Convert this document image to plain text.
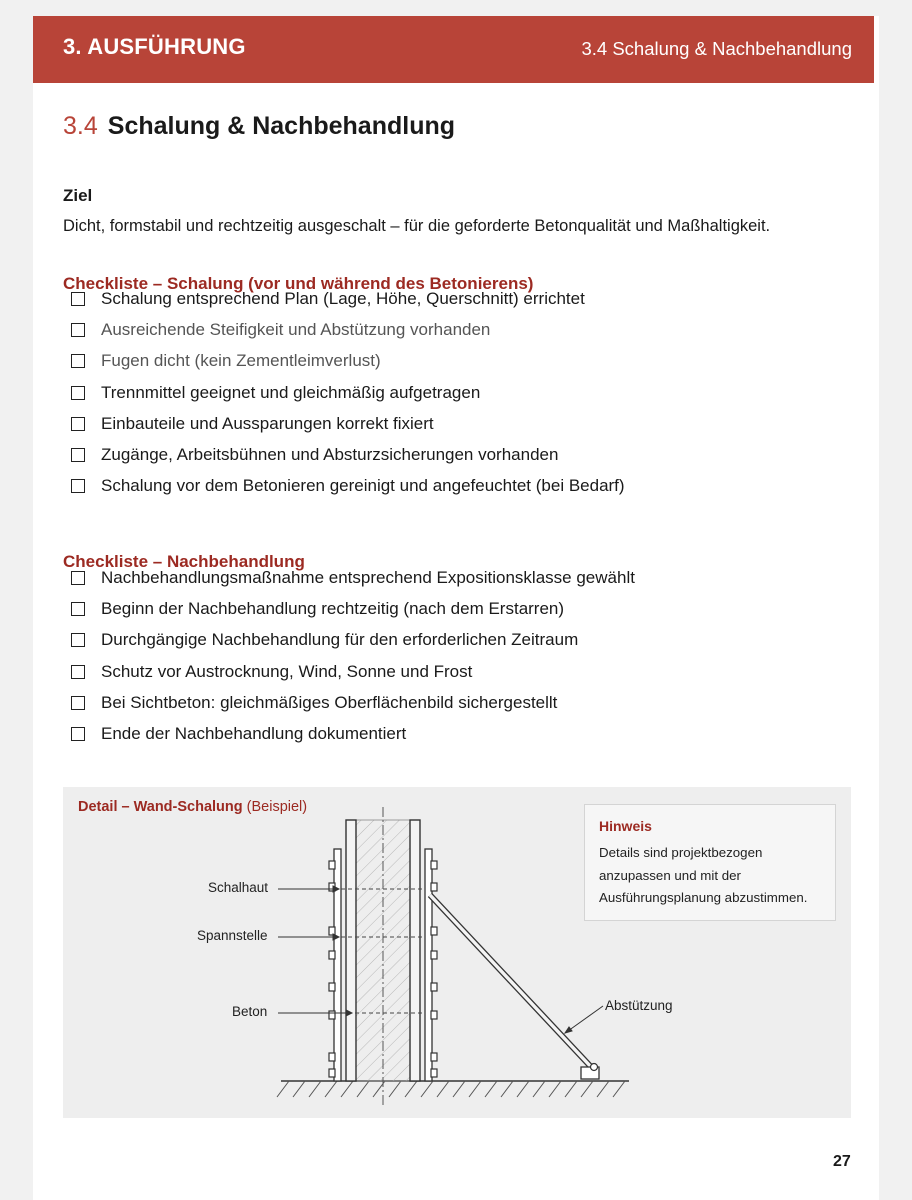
3. AUSFÜHRUNG	3.4 Schalung & Nachbehandlung
3.4 Schalung & Nachbehandlung
Ziel
Dicht, formstabil und rechtzeitig ausgeschalt – für die geforderte Betonqualität und Maßhaltigkeit.
Checkliste – Schalung (vor und während des Betonierens)
Schalung entsprechend Plan (Lage, Höhe, Querschnitt) errichtet
Ausreichende Steifigkeit und Abstützung vorhanden
Fugen dicht (kein Zementleimverlust)
Trennmittel geeignet und gleichmäßig aufgetragen
Einbauteile und Aussparungen korrekt fixiert
Zugänge, Arbeitsbühnen und Absturzsicherungen vorhanden
Schalung vor dem Betonieren gereinigt und angefeuchtet (bei Bedarf)
Checkliste – Nachbehandlung
Nachbehandlungsmaßnahme entsprechend Expositionsklasse gewählt
Beginn der Nachbehandlung rechtzeitig (nach dem Erstarren)
Durchgängige Nachbehandlung für den erforderlichen Zeitraum
Schutz vor Austrocknung, Wind, Sonne und Frost
Bei Sichtbeton: gleichmäßiges Oberflächenbild sichergestellt
Ende der Nachbehandlung dokumentiert
Detail – Wand-Schalung (Beispiel)
Schalhaut
Spannstelle
Beton	Abstützung
Hinweis
Details sind projektbezogen anzupassen und mit der Ausführungsplanung abzustimmen.
27
